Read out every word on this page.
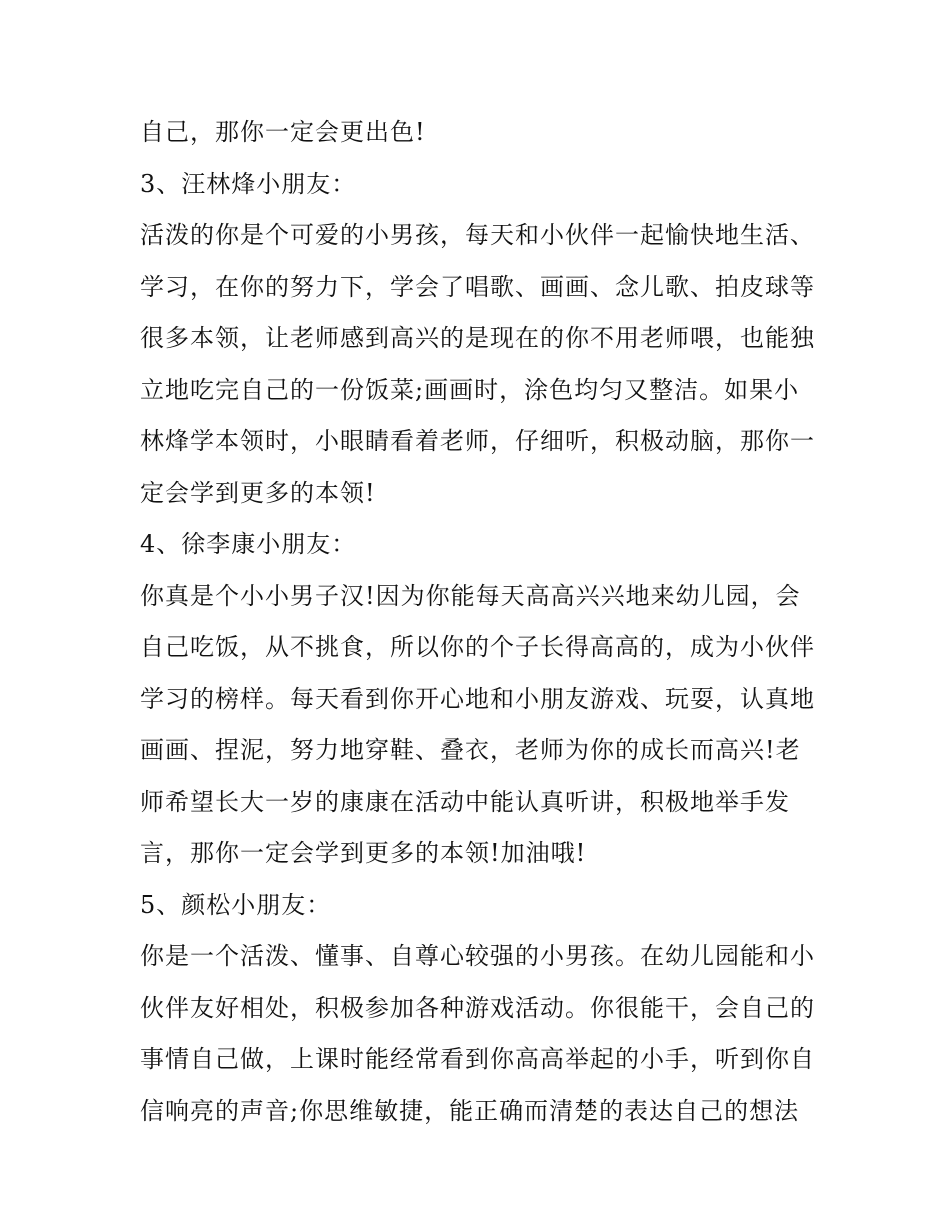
自己，那你一定会更出色!
3、汪林烽小朋友：
活泼的你是个可爱的小男孩，每天和小伙伴一起愉快地生活、
学习，在你的努力下，学会了唱歌、画画、念儿歌、拍皮球等
很多本领，让老师感到高兴的是现在的你不用老师喂，也能独
立地吃完自己的一份饭菜;画画时，涂色均匀又整洁。如果小
林烽学本领时，小眼睛看着老师，仔细听，积极动脑，那你一
定会学到更多的本领!
4、徐李康小朋友：
你真是个小小男子汉!因为你能每天高高兴兴地来幼儿园，会
自己吃饭，从不挑食，所以你的个子长得高高的，成为小伙伴
学习的榜样。每天看到你开心地和小朋友游戏、玩耍，认真地
画画、捏泥，努力地穿鞋、叠衣，老师为你的成长而高兴!老
师希望长大一岁的康康在活动中能认真听讲，积极地举手发
言，那你一定会学到更多的本领!加油哦!
5、颜松小朋友：
你是一个活泼、懂事、自尊心较强的小男孩。在幼儿园能和小
伙伴友好相处，积极参加各种游戏活动。你很能干，会自己的
事情自己做，上课时能经常看到你高高举起的小手，听到你自
信响亮的声音;你思维敏捷，能正确而清楚的表达自己的想法
